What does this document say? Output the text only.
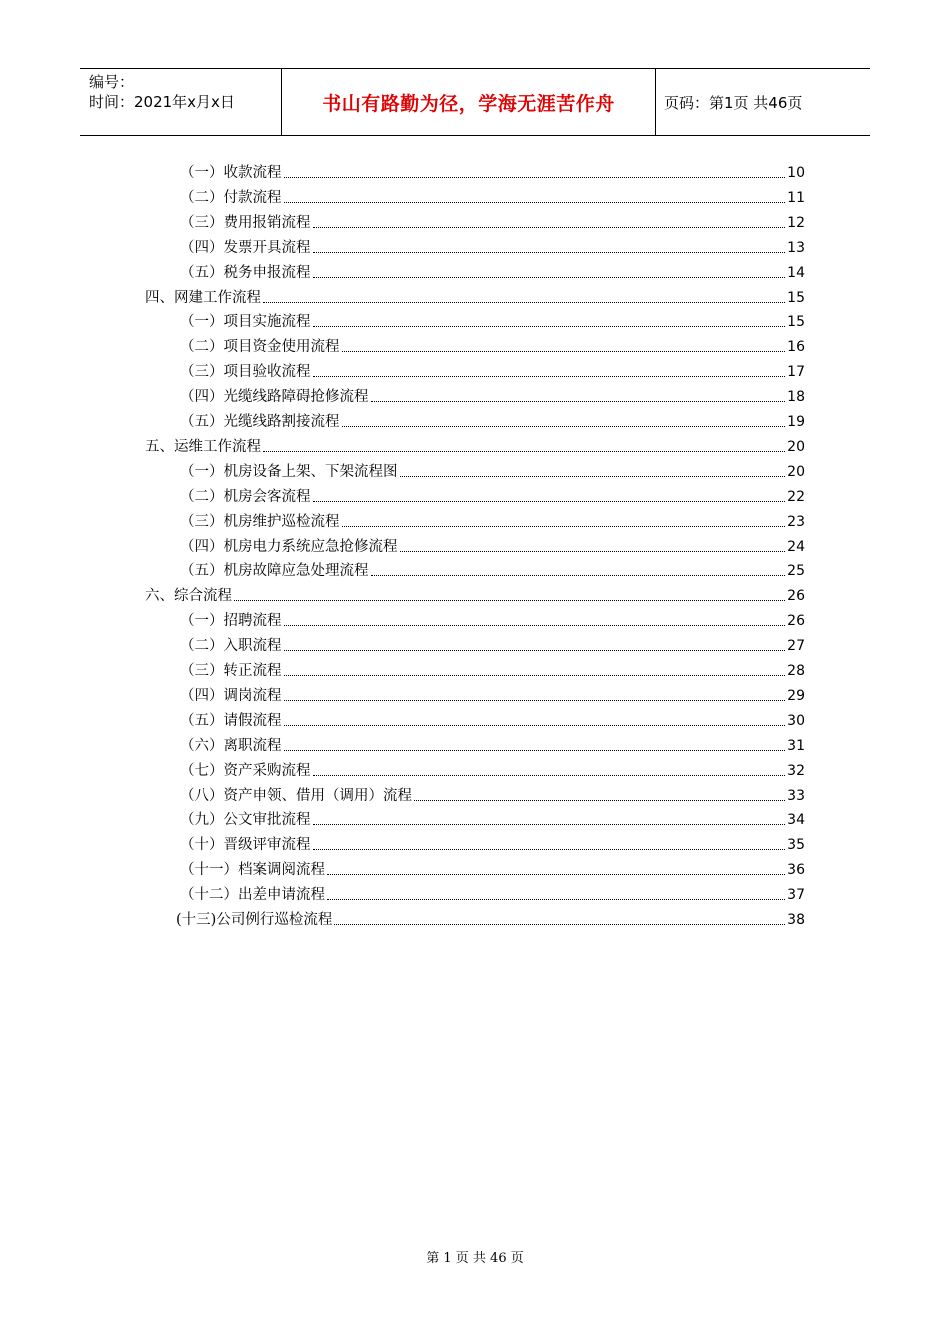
编号：
时间：2021年x月x日	书山有路勤为径，学海无涯苦作舟	页码：第1页 共46页
（一）收款流程	10
（二）付款流程	11
（三）费用报销流程	12
（四）发票开具流程	13
（五）税务申报流程	14
四、网建工作流程	15
（一）项目实施流程	15
（二）项目资金使用流程	16
（三）项目验收流程	17
（四）光缆线路障碍抢修流程	18
（五）光缆线路割接流程	19
五、运维工作流程	20
（一）机房设备上架、下架流程图	20
（二）机房会客流程	22
（三）机房维护巡检流程	23
（四）机房电力系统应急抢修流程	24
（五）机房故障应急处理流程	25
六、综合流程	26
（一）招聘流程	26
（二）入职流程	27
（三）转正流程	28
（四）调岗流程	29
（五）请假流程	30
（六）离职流程	31
（七）资产采购流程	32
（八）资产申领、借用（调用）流程	33
（九）公文审批流程	34
（十）晋级评审流程	35
（十一）档案调阅流程	36
（十二）出差申请流程	37
(十三)公司例行巡检流程	38
第 1 页 共 46 页
